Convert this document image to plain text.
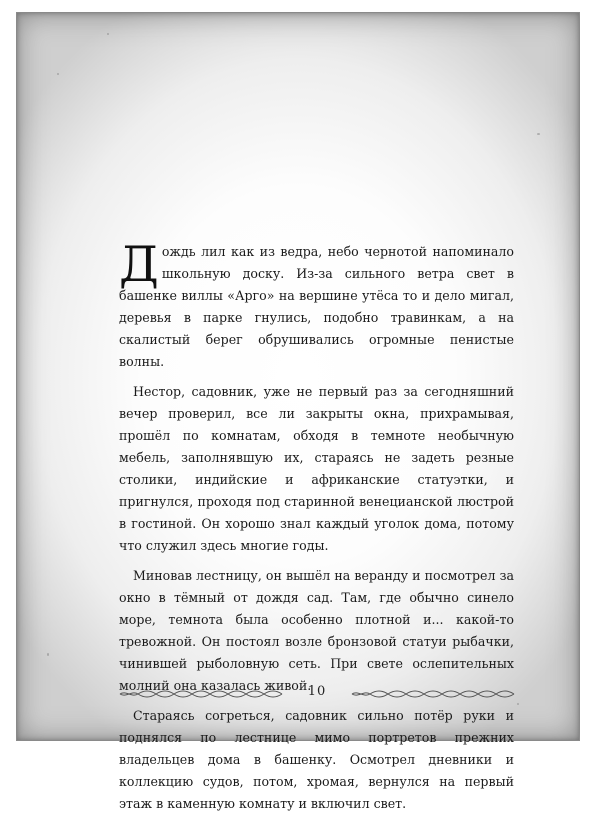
Дождь лил как из ведра, небо чернотой напоминало школьную доску. Из-за сильного ветра свет в башенке виллы «Арго» на вершине утёса то и дело мигал, деревья в парке гнулись, подобно травинкам, а на скалистый берег обрушивались огромные пенистые волны.

Нестор, садовник, уже не первый раз за сегодняшний вечер проверил, все ли закрыты окна, прихрамывая, прошёл по комнатам, обходя в темноте необычную мебель, заполнявшую их, стараясь не задеть резные столики, индийские и африканские статуэтки, и пригнулся, проходя под старинной венецианской люстрой в гостиной. Он хорошо знал каждый уголок дома, потому что служил здесь многие годы.

Миновав лестницу, он вышёл на веранду и посмотрел за окно в тёмный от дождя сад. Там, где обычно синело море, темнота была особенно плотной и... какой-то тревожной. Он постоял возле бронзовой статуи рыбачки, чинившей рыболовную сеть. При свете ослепительных молний она казалась живой.

Стараясь согреться, садовник сильно потёр руки и поднялся по лестнице мимо портретов прежних владельцев дома в башенку. Осмотрел дневники и коллекцию судов, потом, хромая, вернулся на первый этаж в каменную комнату и включил свет.

10
